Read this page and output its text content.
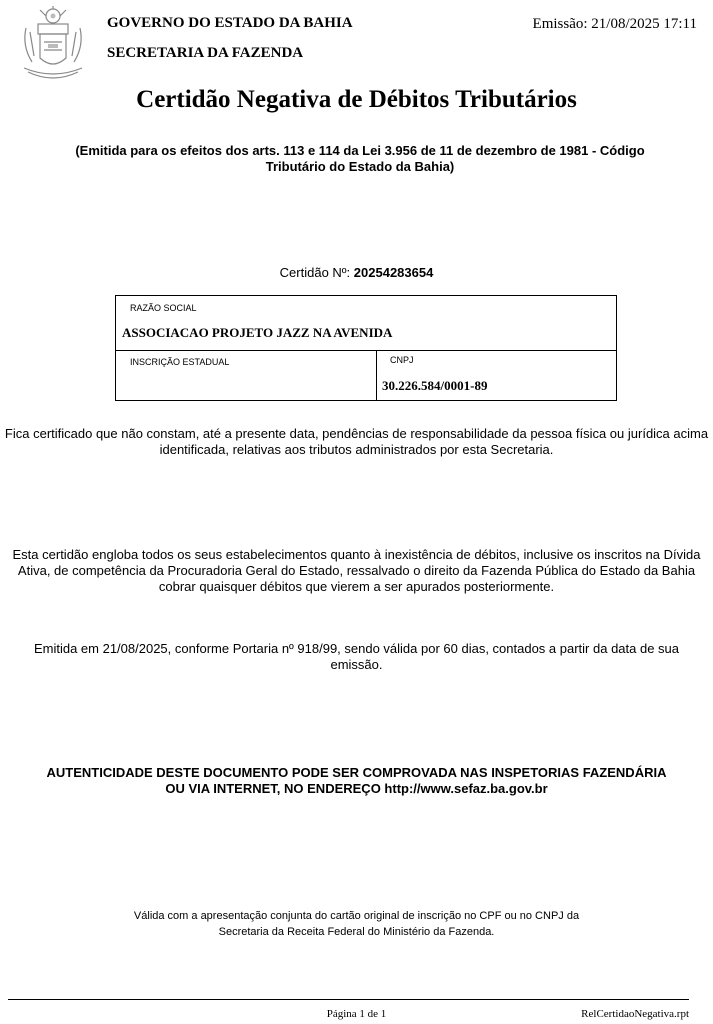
GOVERNO DO ESTADO DA BAHIA
SECRETARIA DA FAZENDA
Emissão: 21/08/2025 17:11
Certidão Negativa de Débitos Tributários
(Emitida para os efeitos dos arts. 113 e 114 da Lei 3.956 de 11 de dezembro de 1981 - Código
Tributário do Estado da Bahia)
Certidão Nº: 20254283654
RAZÃO SOCIAL
ASSOCIACAO PROJETO JAZZ NA AVENIDA
INSCRIÇÃO ESTADUAL	CNPJ
30.226.584/0001-89
Fica certificado que não constam, até a presente data, pendências de responsabilidade da pessoa física ou jurídica acima
identificada, relativas aos tributos administrados por esta Secretaria.
Esta certidão engloba todos os seus estabelecimentos quanto à inexistência de débitos, inclusive os inscritos na Dívida
Ativa, de competência da Procuradoria Geral do Estado, ressalvado o direito da Fazenda Pública do Estado da Bahia
cobrar quaisquer débitos que vierem a ser apurados posteriormente.
Emitida em 21/08/2025, conforme Portaria nº 918/99, sendo válida por 60 dias, contados a partir da data de sua
emissão.
AUTENTICIDADE DESTE DOCUMENTO PODE SER COMPROVADA NAS INSPETORIAS FAZENDÁRIA
OU VIA INTERNET, NO ENDEREÇO http://www.sefaz.ba.gov.br
Válida com a apresentação conjunta do cartão original de inscrição no CPF ou no CNPJ da
Secretaria da Receita Federal do Ministério da Fazenda.
Página 1 de 1	RelCertidaoNegativa.rpt
